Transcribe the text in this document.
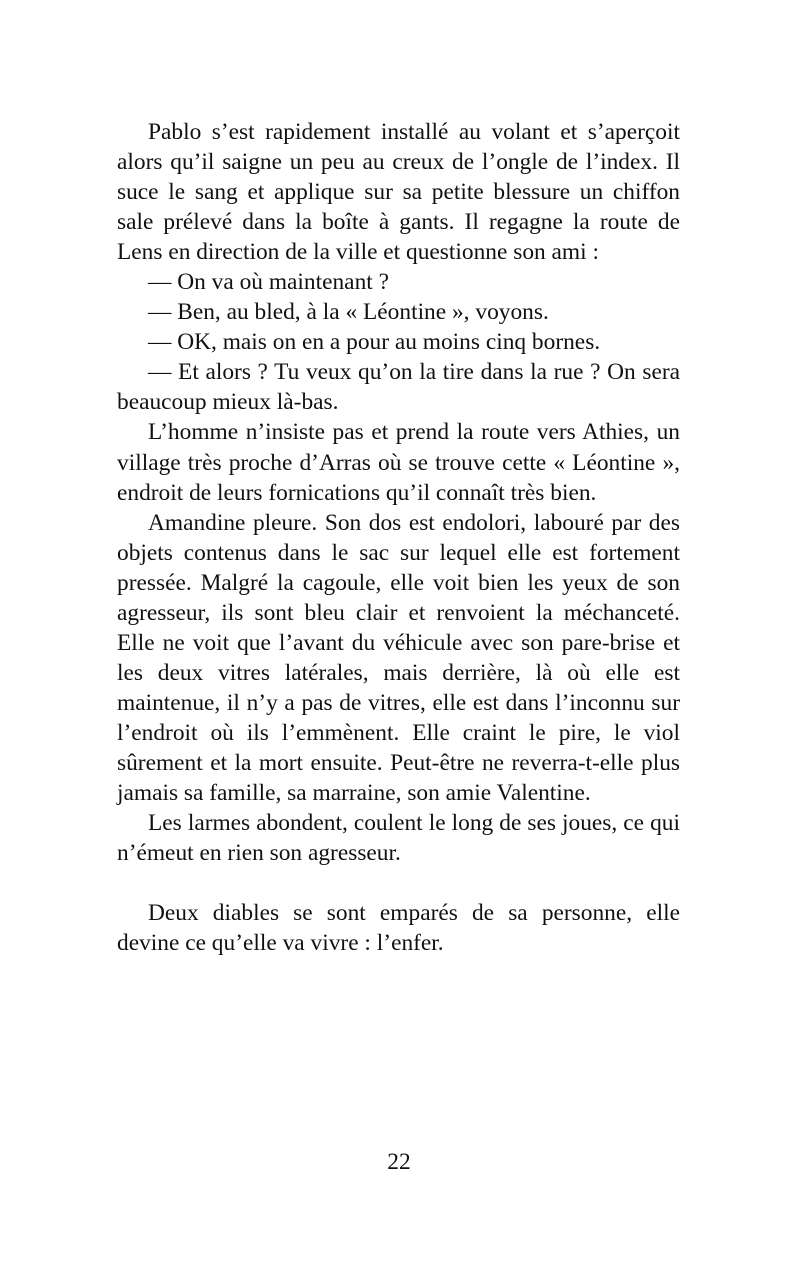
Pablo s’est rapidement installé au volant et s’aperçoit alors qu’il saigne un peu au creux de l’ongle de l’index. Il suce le sang et applique sur sa petite blessure un chiffon sale prélevé dans la boîte à gants. Il regagne la route de Lens en direction de la ville et questionne son ami :

— On va où maintenant ?

— Ben, au bled, à la « Léontine », voyons.

— OK, mais on en a pour au moins cinq bornes.

— Et alors ? Tu veux qu’on la tire dans la rue ? On sera beaucoup mieux là-bas.

L’homme n’insiste pas et prend la route vers Athies, un village très proche d’Arras où se trouve cette « Léontine », endroit de leurs fornications qu’il connaît très bien.

Amandine pleure. Son dos est endolori, labouré par des objets contenus dans le sac sur lequel elle est fortement pressée. Malgré la cagoule, elle voit bien les yeux de son agresseur, ils sont bleu clair et renvoient la méchanceté. Elle ne voit que l’avant du véhicule avec son pare-brise et les deux vitres latérales, mais derrière, là où elle est maintenue, il n’y a pas de vitres, elle est dans l’inconnu sur l’endroit où ils l’emmènent. Elle craint le pire, le viol sûrement et la mort ensuite. Peut-être ne reverra-t-elle plus jamais sa famille, sa marraine, son amie Valentine.

Les larmes abondent, coulent le long de ses joues, ce qui n’émeut en rien son agresseur.

Deux diables se sont emparés de sa personne, elle devine ce qu’elle va vivre : l’enfer.

22
